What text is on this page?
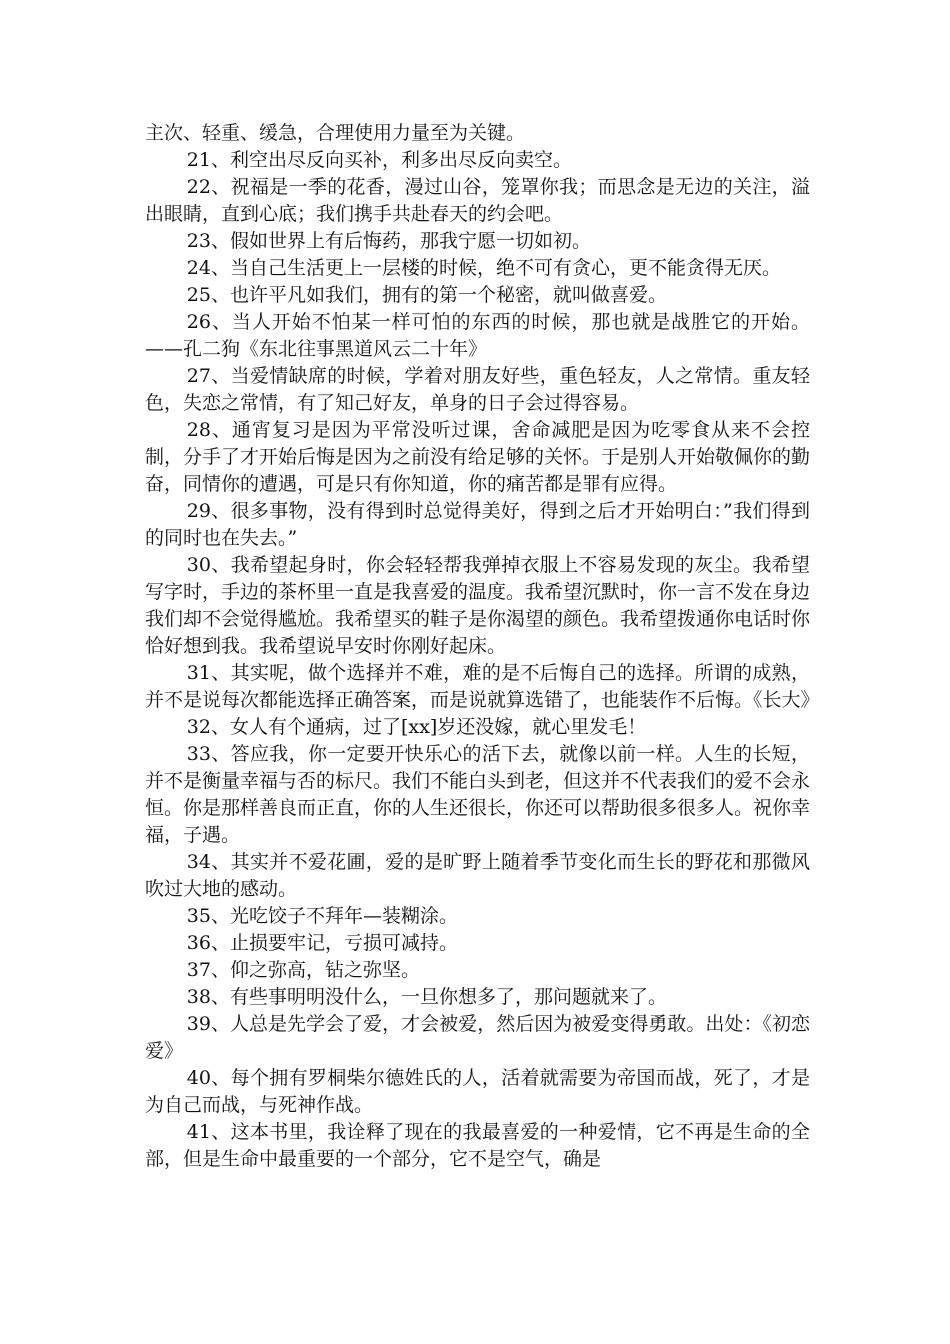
主次、轻重、缓急，合理使用力量至为关键。

21、利空出尽反向买补，利多出尽反向卖空。

22、祝福是一季的花香，漫过山谷，笼罩你我；而思念是无边的关注，溢出眼睛，直到心底；我们携手共赴春天的约会吧。

23、假如世界上有后悔药，那我宁愿一切如初。

24、当自己生活更上一层楼的时候，绝不可有贪心，更不能贪得无厌。

25、也许平凡如我们，拥有的第一个秘密，就叫做喜爱。

26、当人开始不怕某一样可怕的东西的时候，那也就是战胜它的开始。——孔二狗《东北往事黑道风云二十年》

27、当爱情缺席的时候，学着对朋友好些，重色轻友，人之常情。重友轻色，失恋之常情，有了知己好友，单身的日子会过得容易。

28、通宵复习是因为平常没听过课，舍命减肥是因为吃零食从来不会控制，分手了才开始后悔是因为之前没有给足够的关怀。于是别人开始敬佩你的勤奋，同情你的遭遇，可是只有你知道，你的痛苦都是罪有应得。

29、很多事物，没有得到时总觉得美好，得到之后才开始明白：”我们得到的同时也在失去。”

30、我希望起身时，你会轻轻帮我弹掉衣服上不容易发现的灰尘。我希望写字时，手边的茶杯里一直是我喜爱的温度。我希望沉默时，你一言不发在身边我们却不会觉得尴尬。我希望买的鞋子是你渴望的颜色。我希望拨通你电话时你恰好想到我。我希望说早安时你刚好起床。

31、其实呢，做个选择并不难，难的是不后悔自己的选择。所谓的成熟，并不是说每次都能选择正确答案，而是说就算选错了，也能装作不后悔。《长大》

32、女人有个通病，过了[xx]岁还没嫁，就心里发毛！

33、答应我，你一定要开快乐心的活下去，就像以前一样。人生的长短，并不是衡量幸福与否的标尺。我们不能白头到老，但这并不代表我们的爱不会永恒。你是那样善良而正直，你的人生还很长，你还可以帮助很多很多人。祝你幸福，子遇。

34、其实并不爱花圃，爱的是旷野上随着季节变化而生长的野花和那微风吹过大地的感动。

35、光吃饺子不拜年—装糊涂。

36、止损要牢记，亏损可减持。

37、仰之弥高，钻之弥坚。

38、有些事明明没什么，一旦你想多了，那问题就来了。

39、人总是先学会了爱，才会被爱，然后因为被爱变得勇敢。出处：《初恋爱》

40、每个拥有罗桐柴尔德姓氏的人，活着就需要为帝国而战，死了，才是为自己而战，与死神作战。

41、这本书里，我诠释了现在的我最喜爱的一种爱情，它不再是生命的全部，但是生命中最重要的一个部分，它不是空气，确是
